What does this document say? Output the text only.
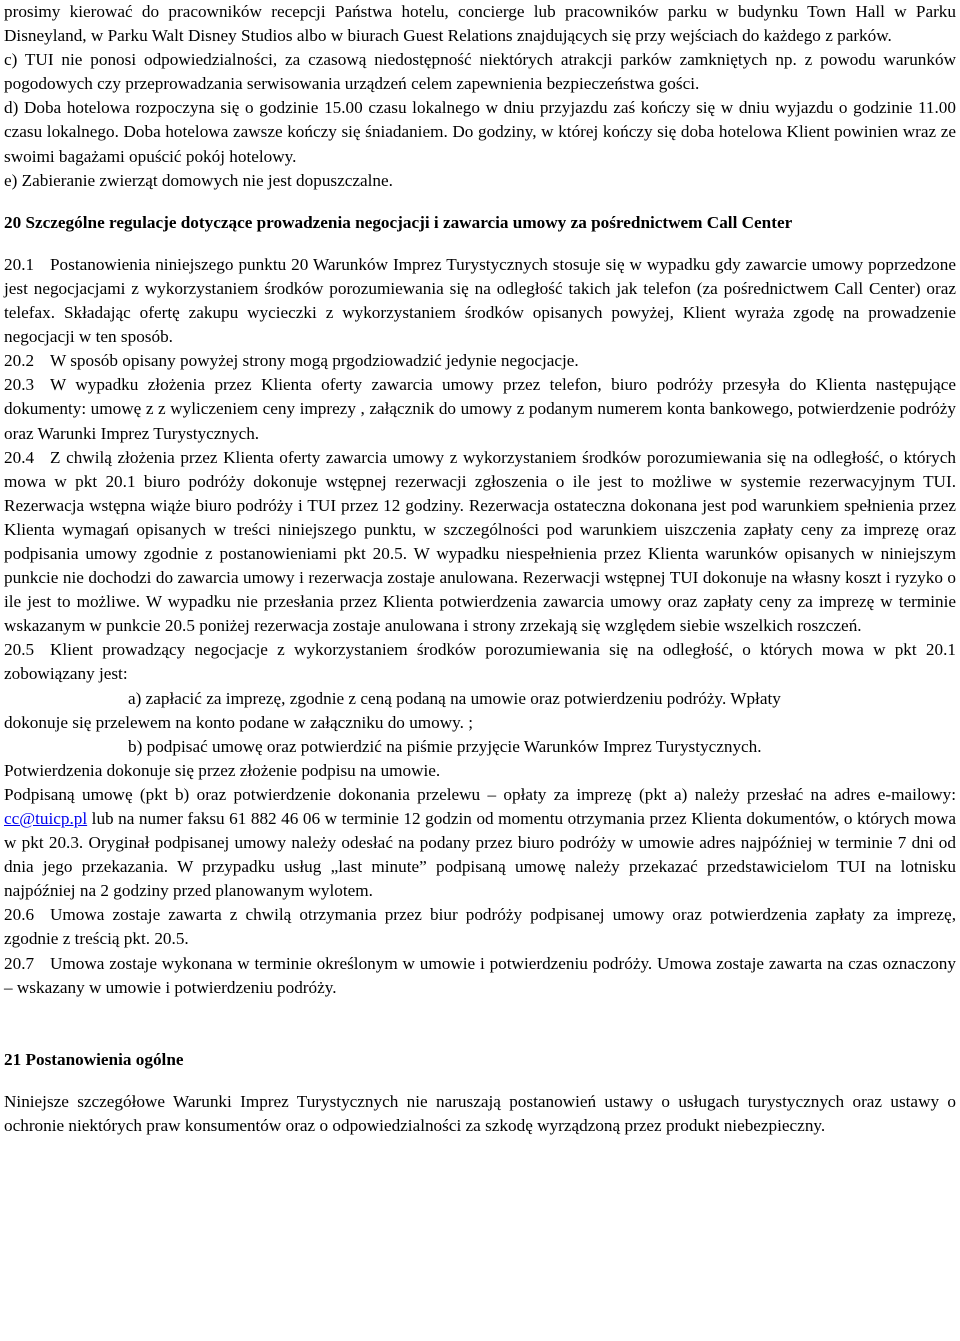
prosimy kierować do pracowników recepcji Państwa hotelu, concierge lub pracowników parku w budynku Town Hall w Parku Disneyland, w Parku Walt Disney Studios albo w biurach Guest Relations znajdujących się przy wejściach do każdego z parków.

c) TUI nie ponosi odpowiedzialności, za czasową niedostępność niektórych atrakcji parków zamkniętych np. z powodu warunków pogodowych czy przeprowadzania serwisowania urządzeń celem zapewnienia bezpieczeństwa gości.

d) Doba hotelowa rozpoczyna się o godzinie 15.00 czasu lokalnego w dniu przyjazdu zaś kończy się w dniu wyjazdu o godzinie 11.00 czasu lokalnego. Doba hotelowa zawsze kończy się śniadaniem. Do godziny, w której kończy się doba hotelowa Klient powinien wraz ze swoimi bagażami opuścić pokój hotelowy.

e) Zabieranie zwierząt domowych nie jest dopuszczalne.

20 Szczególne regulacje dotyczące prowadzenia negocjacji i zawarcia umowy za pośrednictwem Call Center

20.1 Postanowienia niniejszego punktu 20 Warunków Imprez Turystycznych stosuje się w wypadku gdy zawarcie umowy poprzedzone jest negocjacjami z wykorzystaniem środków porozumiewania się na odległość takich jak telefon (za pośrednictwem Call Center) oraz telefax. Składając ofertę zakupu wycieczki z wykorzystaniem środków opisanych powyżej, Klient wyraża zgodę na prowadzenie negocjacji w ten sposób.

20.2 W sposób opisany powyżej strony mogą prgodziowadzić jedynie negocjacje.

20.3 W wypadku złożenia przez Klienta oferty zawarcia umowy przez telefon, biuro podróży przesyła do Klienta następujące dokumenty: umowę z z wyliczeniem ceny imprezy , załącznik do umowy z podanym numerem konta bankowego, potwierdzenie podróży oraz Warunki Imprez Turystycznych.

20.4 Z chwilą złożenia przez Klienta oferty zawarcia umowy z wykorzystaniem środków porozumiewania się na odległość, o których mowa w pkt 20.1 biuro podróży dokonuje wstępnej rezerwacji zgłoszenia o ile jest to możliwe w systemie rezerwacyjnym TUI. Rezerwacja wstępna wiąże biuro podróży i TUI przez 12 godziny. Rezerwacja ostateczna dokonana jest pod warunkiem spełnienia przez Klienta wymagań opisanych w treści niniejszego punktu, w szczególności pod warunkiem uiszczenia zapłaty ceny za imprezę oraz podpisania umowy zgodnie z postanowieniami pkt 20.5. W wypadku niespełnienia przez Klienta warunków opisanych w niniejszym punkcie nie dochodzi do zawarcia umowy i rezerwacja zostaje anulowana. Rezerwacji wstępnej TUI dokonuje na własny koszt i ryzyko o ile jest to możliwe. W wypadku nie przesłania przez Klienta potwierdzenia zawarcia umowy oraz zapłaty ceny za imprezę w terminie wskazanym w punkcie 20.5 poniżej rezerwacja zostaje anulowana i strony zrzekają się względem siebie wszelkich roszczeń.

20.5 Klient prowadzący negocjacje z wykorzystaniem środków porozumiewania się na odległość, o których mowa w pkt 20.1 zobowiązany jest:

a) zapłacić za imprezę, zgodnie z ceną podaną na umowie oraz potwierdzeniu podróży. Wpłaty

dokonuje się przelewem na konto podane w załączniku do umowy. ;

b) podpisać umowę oraz potwierdzić na piśmie przyjęcie Warunków Imprez Turystycznych.

Potwierdzenia dokonuje się przez złożenie podpisu na umowie.

Podpisaną umowę (pkt b) oraz potwierdzenie dokonania przelewu – opłaty za imprezę (pkt a) należy przesłać na adres e-mailowy: cc@tuicp.pl lub na numer faksu 61 882 46 06 w terminie 12 godzin od momentu otrzymania przez Klienta dokumentów, o których mowa w pkt 20.3. Oryginał podpisanej umowy należy odesłać na podany przez biuro podróży w umowie adres najpóźniej w terminie 7 dni od dnia jego przekazania. W przypadku usług „last minute” podpisaną umowę należy przekazać przedstawicielom TUI na lotnisku najpóźniej na 2 godziny przed planowanym wylotem.

20.6 Umowa zostaje zawarta z chwilą otrzymania przez biur podróży podpisanej umowy oraz potwierdzenia zapłaty za imprezę, zgodnie z treścią pkt. 20.5.

20.7 Umowa zostaje wykonana w terminie określonym w umowie i potwierdzeniu podróży. Umowa zostaje zawarta na czas oznaczony – wskazany w umowie i potwierdzeniu podróży.

21 Postanowienia ogólne

Niniejsze szczegółowe Warunki Imprez Turystycznych nie naruszają postanowień ustawy o usługach turystycznych oraz ustawy o ochronie niektórych praw konsumentów oraz o odpowiedzialności za szkodę wyrządzoną przez produkt niebezpieczny.
